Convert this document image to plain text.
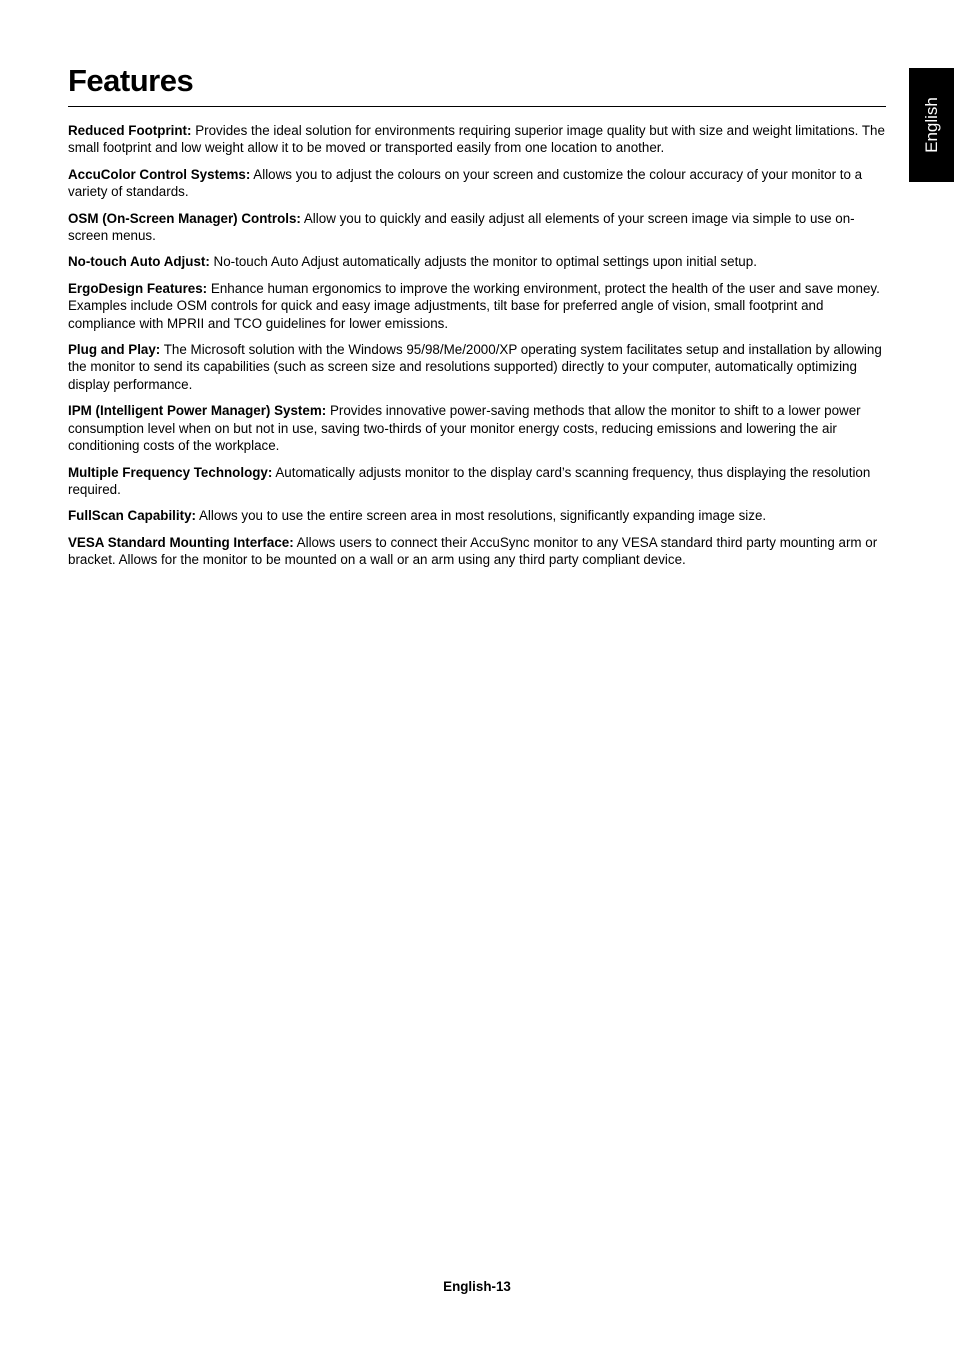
Features
English

Reduced Footprint: Provides the ideal solution for environments requiring superior image quality but with size and weight limitations. The small footprint and low weight allow it to be moved or transported easily from one location to another.

AccuColor Control Systems: Allows you to adjust the colours on your screen and customize the colour accuracy of your monitor to a variety of standards.

OSM (On-Screen Manager) Controls: Allow you to quickly and easily adjust all elements of your screen image via simple to use on-screen menus.

No-touch Auto Adjust: No-touch Auto Adjust automatically adjusts the monitor to optimal settings upon initial setup.

ErgoDesign Features: Enhance human ergonomics to improve the working environment, protect the health of the user and save money. Examples include OSM controls for quick and easy image adjustments, tilt base for preferred angle of vision, small footprint and compliance with MPRII and TCO guidelines for lower emissions.

Plug and Play: The Microsoft solution with the Windows 95/98/Me/2000/XP operating system facilitates setup and installation by allowing the monitor to send its capabilities (such as screen size and resolutions supported) directly to your computer, automatically optimizing display performance.

IPM (Intelligent Power Manager) System: Provides innovative power-saving methods that allow the monitor to shift to a lower power consumption level when on but not in use, saving two-thirds of your monitor energy costs, reducing emissions and lowering the air conditioning costs of the workplace.

Multiple Frequency Technology: Automatically adjusts monitor to the display card’s scanning frequency, thus displaying the resolution required.

FullScan Capability: Allows you to use the entire screen area in most resolutions, significantly expanding image size.

VESA Standard Mounting Interface: Allows users to connect their AccuSync monitor to any VESA standard third party mounting arm or bracket. Allows for the monitor to be mounted on a wall or an arm using any third party compliant device.

English-13
